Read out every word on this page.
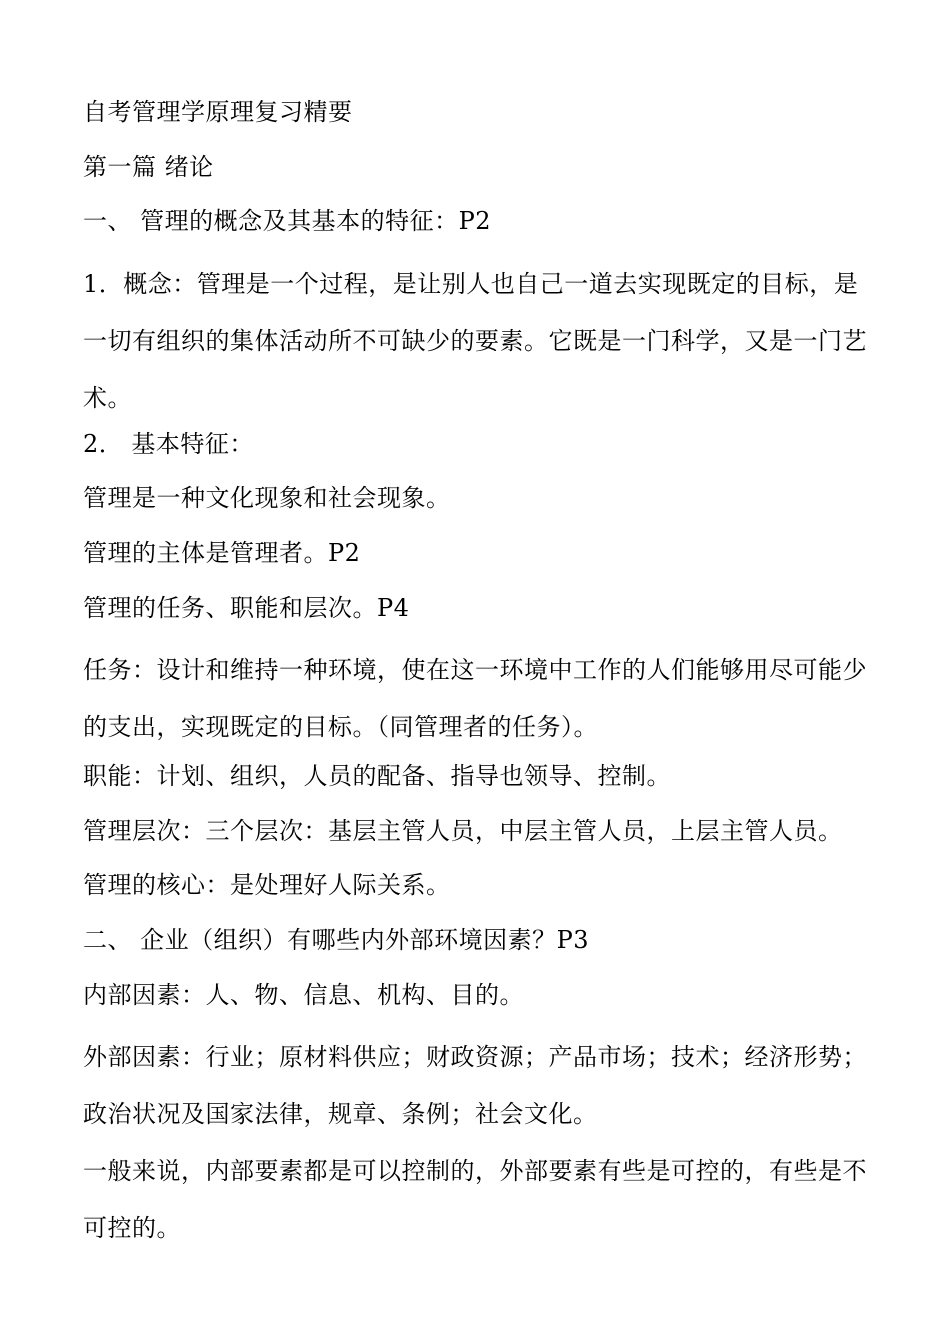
自考管理学原理复习精要

第一篇 绪论

一、 管理的概念及其基本的特征：P2

1．概念：管理是一个过程，是让别人也自己一道去实现既定的目标，是一切有组织的集体活动所不可缺少的要素。它既是一门科学，又是一门艺术。

2． 基本特征：

管理是一种文化现象和社会现象。

管理的主体是管理者。P2

管理的任务、职能和层次。P4

任务：设计和维持一种环境，使在这一环境中工作的人们能够用尽可能少的支出，实现既定的目标。（同管理者的任务）。

职能：计划、组织，人员的配备、指导也领导、控制。

管理层次：三个层次：基层主管人员，中层主管人员，上层主管人员。

管理的核心：是处理好人际关系。

二、 企业（组织）有哪些内外部环境因素？P3

内部因素：人、物、信息、机构、目的。

外部因素：行业；原材料供应；财政资源；产品市场；技术；经济形势；政治状况及国家法律，规章、条例；社会文化。

一般来说，内部要素都是可以控制的，外部要素有些是可控的，有些是不可控的。
